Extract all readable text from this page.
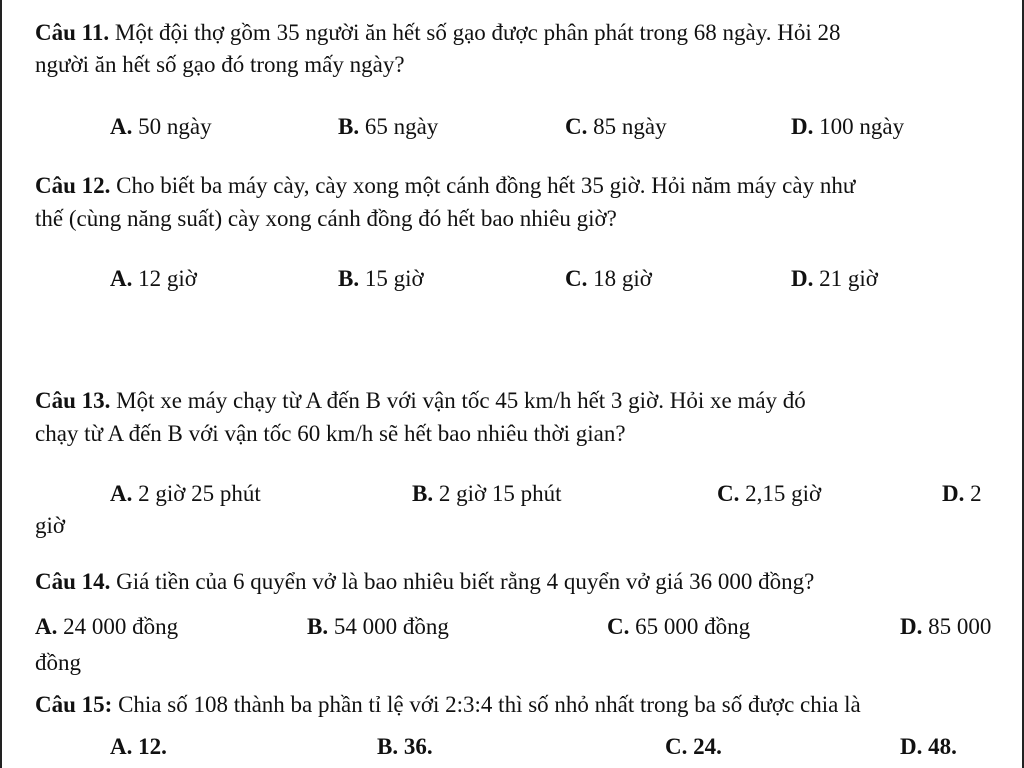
Câu 11. Một đội thợ gồm 35 người ăn hết số gạo được phân phát trong 68 ngày. Hỏi 28
người ăn hết số gạo đó trong mấy ngày?
A. 50 ngày	B. 65 ngày	C. 85 ngày	D. 100 ngày
Câu 12. Cho biết ba máy cày, cày xong một cánh đồng hết 35 giờ. Hỏi năm máy cày như
thế (cùng năng suất) cày xong cánh đồng đó hết bao nhiêu giờ?
A. 12 giờ	B. 15 giờ	C. 18 giờ	D. 21 giờ
Câu 13. Một xe máy chạy từ A đến B với vận tốc 45 km/h hết 3 giờ. Hỏi xe máy đó
chạy từ A đến B với vận tốc 60 km/h sẽ hết bao nhiêu thời gian?
A. 2 giờ 25 phút	B. 2 giờ 15 phút	C. 2,15 giờ	D. 2
giờ
Câu 14. Giá tiền của 6 quyển vở là bao nhiêu biết rằng 4 quyển vở giá 36 000 đồng?
A. 24 000 đồng	B. 54 000 đồng	C. 65 000 đồng	D. 85 000
đồng
Câu 15: Chia số 108 thành ba phần tỉ lệ với 2:3:4 thì số nhỏ nhất trong ba số được chia là
A. 12.	B. 36.	C. 24.	D. 48.
